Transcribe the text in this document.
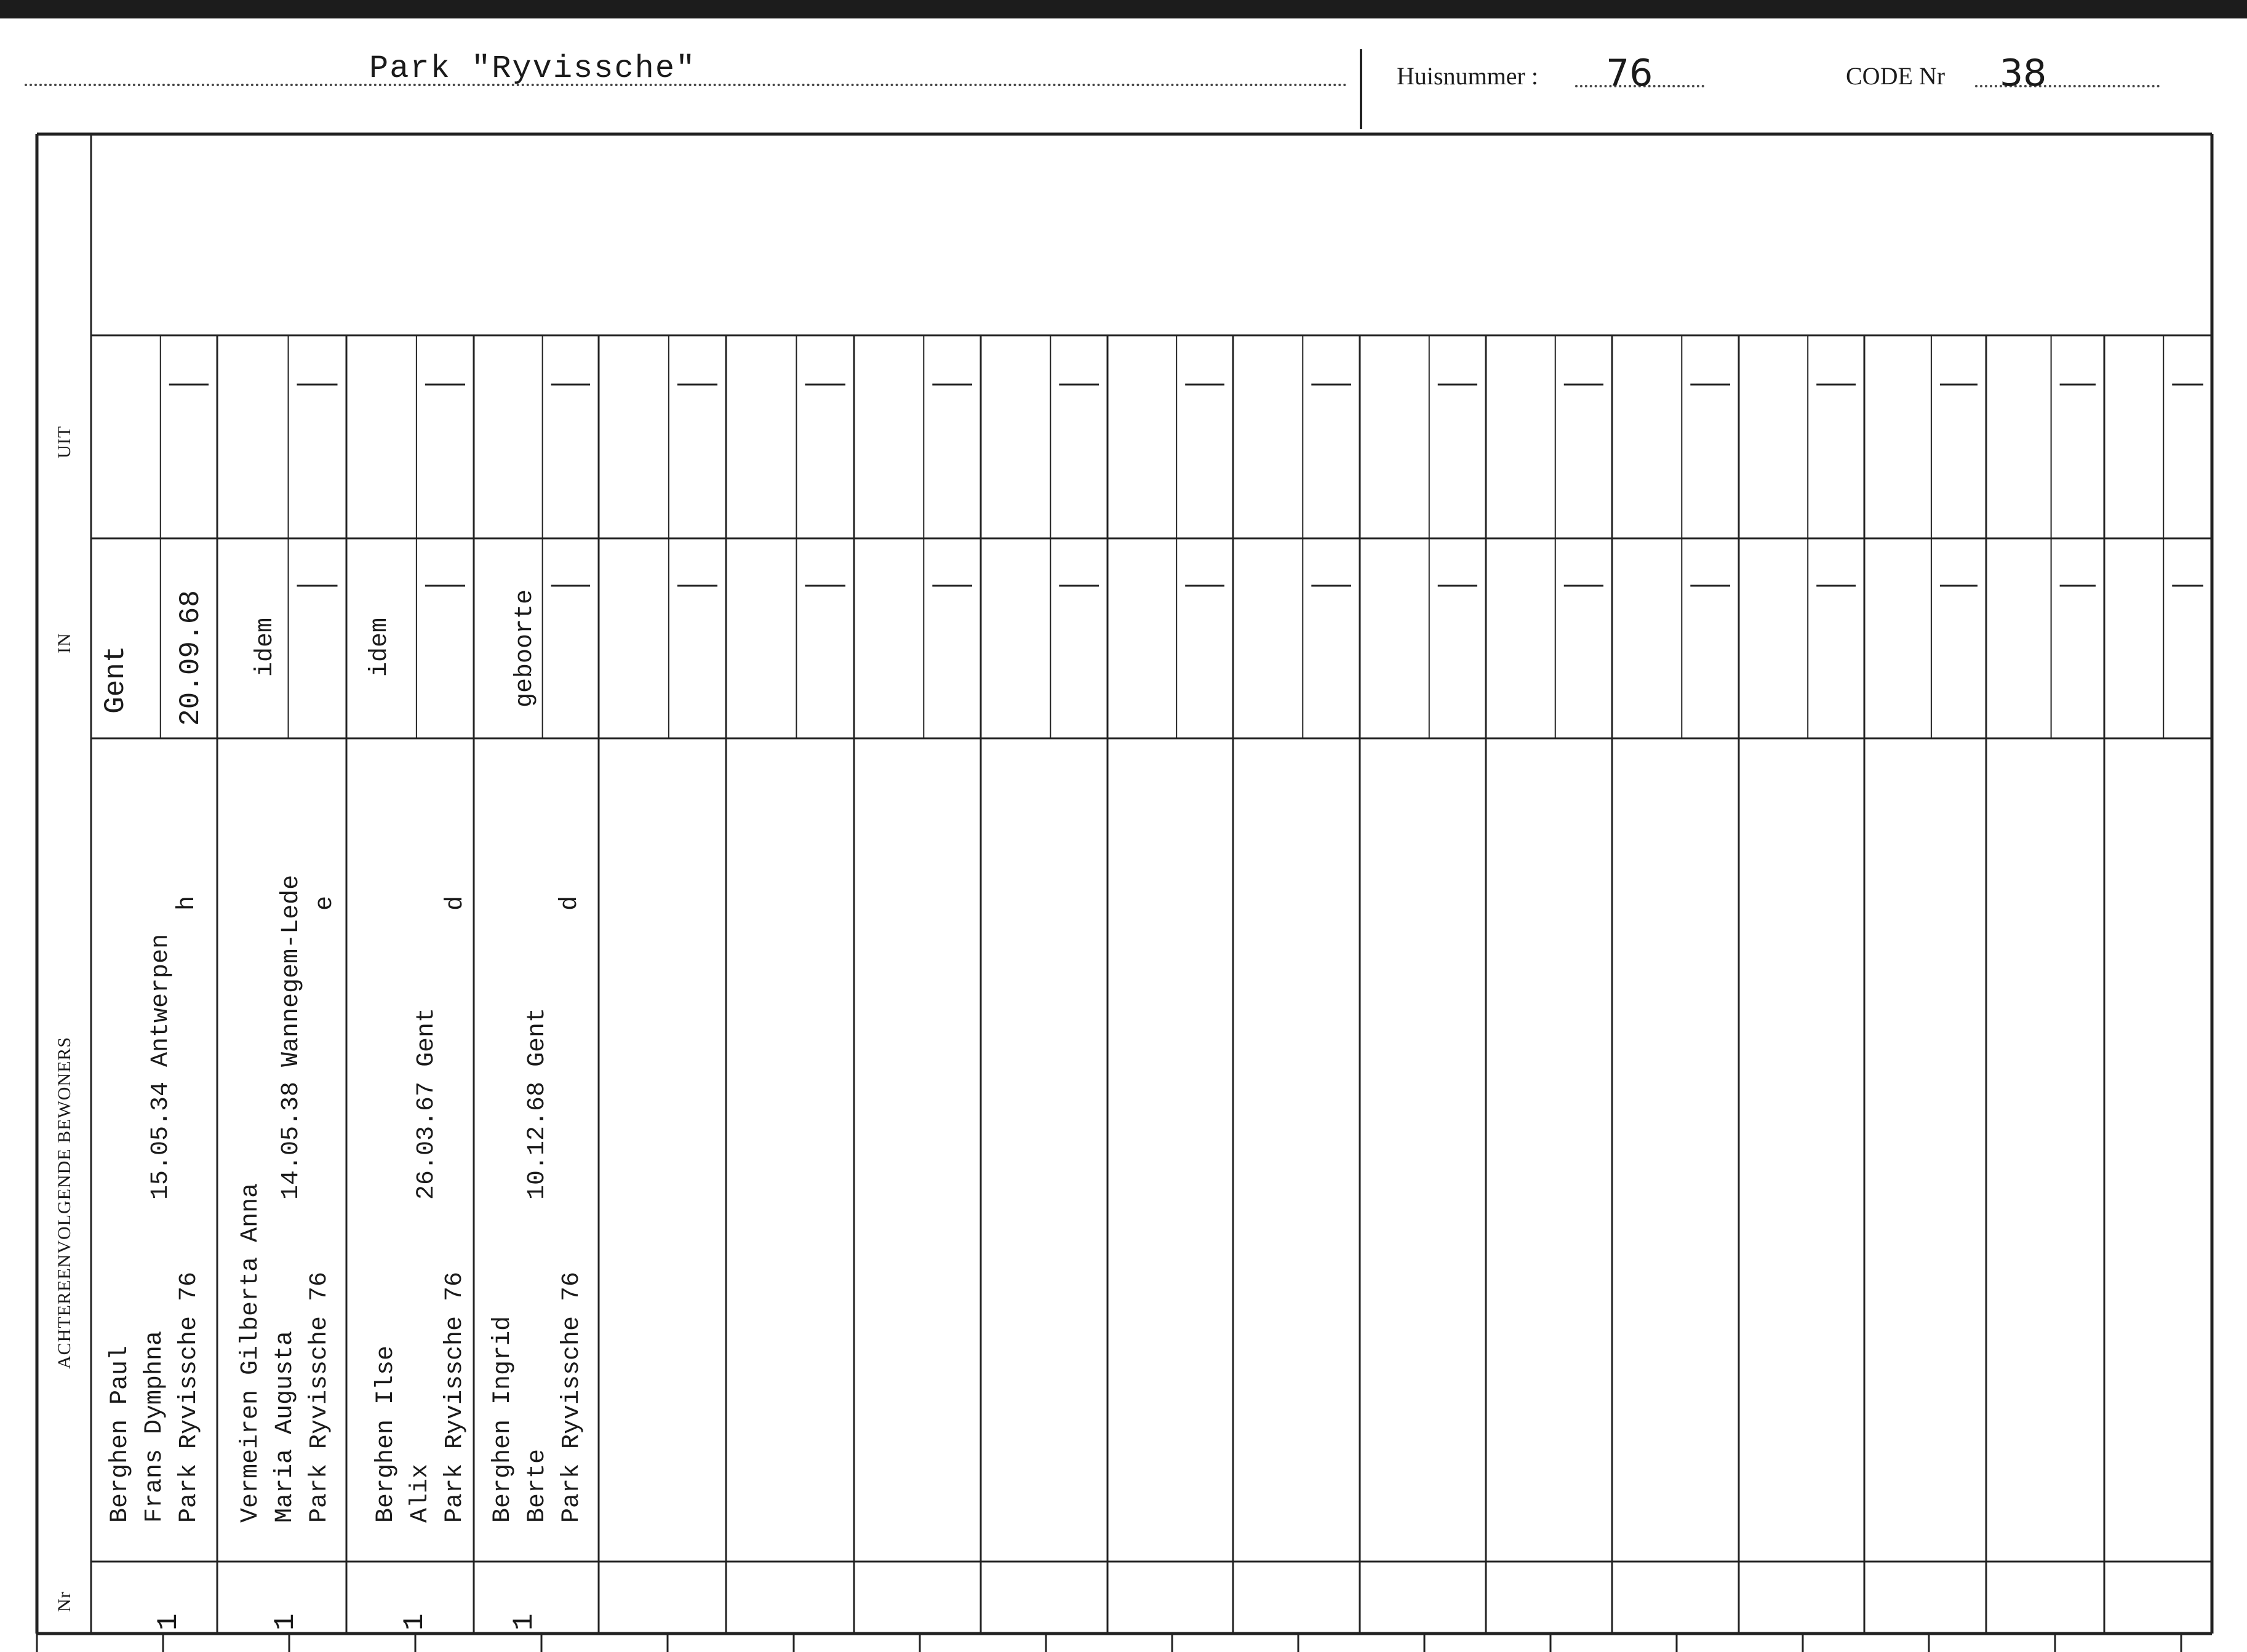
Park "Ryvissche"	Huisnummer : 76	CODE Nr 38
UIT
IN
ACHTEREENVOLGENDE BEWONERS
Nr
Gent 20.09.68
Berghen Paul Frans Dymphna Park Ryvissche 76
15.05.34 Antwerpen
h
1
idem
Vermeiren Gilberta Anna Maria Augusta Park Ryvissche 76
14.05.38 Wannegem-Lede e
1
idem
Berghen Ilse Alix Park Ryvissche 76
26.03.67 Gent
d
1
geboorte
Berghen Ingrid Berte Park Ryvissche 76
10.12.68 Gent
d
1
